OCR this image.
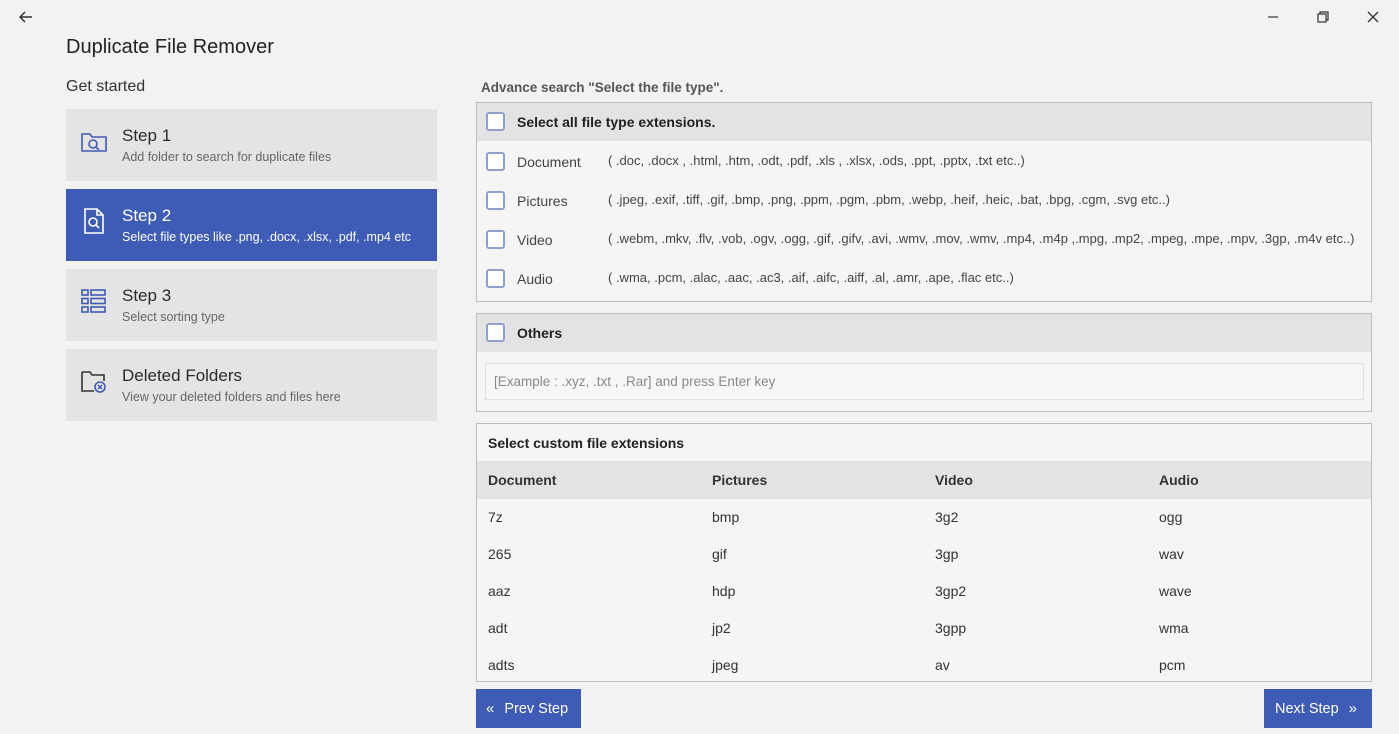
Duplicate File Remover
Get started
Step 1
Add folder to search for duplicate files
Step 2
Select file types like .png, .docx, .xlsx, .pdf, .mp4 etc
Step 3
Select sorting type
Deleted Folders
View your deleted folders and files here
Advance search "Select the file type".
Select all file type extensions.
Document ( .doc, .docx , .html, .htm, .odt, .pdf, .xls , .xlsx, .ods, .ppt, .pptx, .txt etc..)
Pictures	( .jpeg, .exif, .tiff, .gif, .bmp, .png, .ppm, .pgm, .pbm, .webp, .heif, .heic, .bat, .bpg, .cgm, .svg etc..)
Video	( .webm, .mkv, .flv, .vob, .ogv, .ogg, .gif, .gifv, .avi, .wmv, .mov, .wmv, .mp4, .m4p ,.mpg, .mp2, .mpeg, .mpe, .mpv, .3gp, .m4v etc..)
Audio	( .wma, .pcm, .alac, .aac, .ac3, .aif, .aifc, .aiff, .al, .amr, .ape, .flac etc..)
Others
[Example : .xyz, .txt , .Rar] and press Enter key
Select custom file extensions
Document	Pictures	Video	Audio
7z	bmp	3g2	ogg
265	gif	3gp	wav
aaz	hdp	3gp2	wave
adt	jp2	3gpp	wma
adts	jpeg	av	pcm
« Prev Step	Next Step »
